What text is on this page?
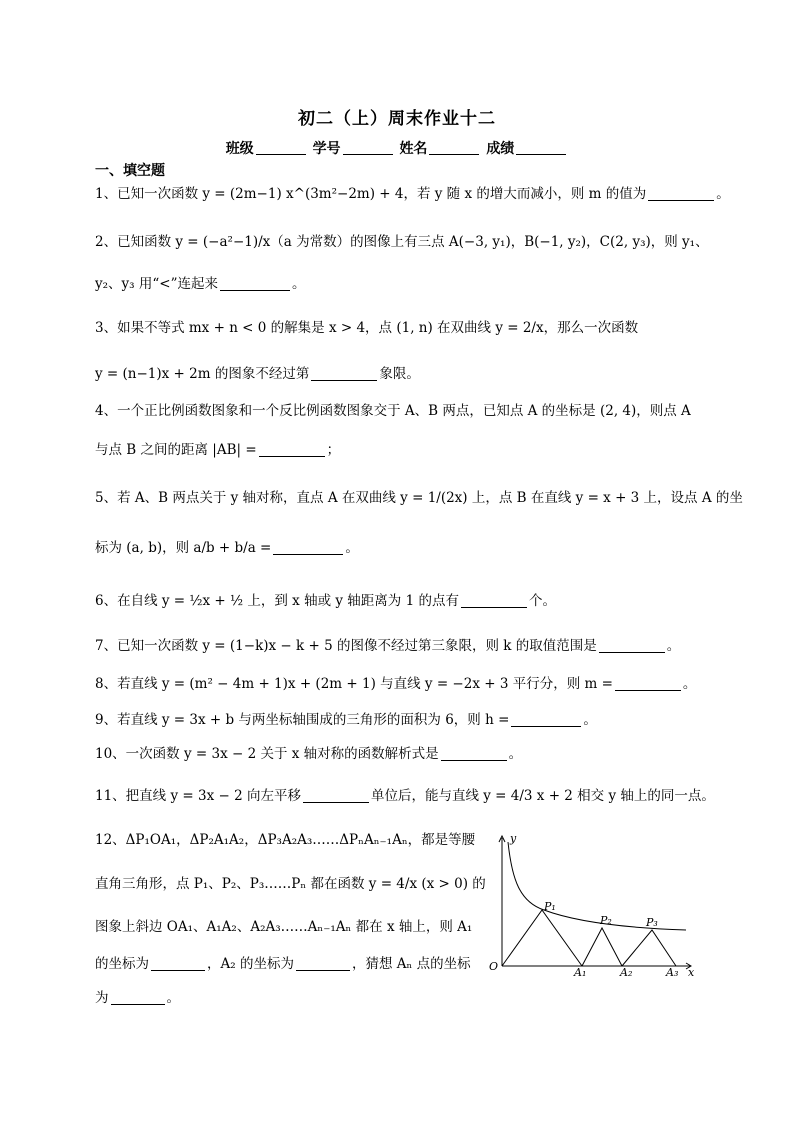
初二（上）周末作业十二
班级	学号	姓名	成绩
一、填空题
1、已知一次函数 y = (2m−1) x^(3m²−2m) + 4，若 y 随 x 的增大而减小，则 m 的值为	。
2、已知函数 y = (−a²−1)/x（a 为常数）的图像上有三点 A(−3, y₁)，B(−1, y₂)，C(2, y₃)，则 y₁、
y₂、y₃ 用“<”连起来	。
3、如果不等式 mx + n < 0 的解集是 x > 4，点 (1, n) 在双曲线 y = 2/x，那么一次函数
y = (n−1)x + 2m 的图象不经过第	象限。
4、一个正比例函数图象和一个反比例函数图象交于 A、B 两点，已知点 A 的坐标是 (2, 4)，则点 A
与点 B 之间的距离 |AB| =	；
5、若 A、B 两点关于 y 轴对称，直点 A 在双曲线 y = 1/(2x) 上，点 B 在直线 y = x + 3 上，设点 A 的坐
标为 (a, b)，则 a/b + b/a =	。
6、在自线 y = ½x + ½ 上，到 x 轴或 y 轴距离为 1 的点有	个。
7、已知一次函数 y = (1−k)x − k + 5 的图像不经过第三象限，则 k 的取值范围是	。
8、若直线 y = (m² − 4m + 1)x + (2m + 1) 与直线 y = −2x + 3 平行分，则 m =	。
9、若直线 y = 3x + b 与两坐标轴围成的三角形的面积为 6，则 h =	。
10、一次函数 y = 3x − 2 关于 x 轴对称的函数解析式是	。
11、把直线 y = 3x − 2 向左平移	单位后，能与直线 y = 4/3 x + 2 相交 y 轴上的同一点。
12、ΔP₁OA₁，ΔP₂A₁A₂，ΔP₃A₂A₃……ΔPₙAₙ₋₁Aₙ，都是等腰
直角三角形，点 P₁、P₂、P₃……Pₙ 都在函数 y = 4/x (x > 0) 的
图象上斜边 OA₁、A₁A₂、A₂A₃……Aₙ₋₁Aₙ 都在 x 轴上，则 A₁
的坐标为	，A₂ 的坐标为	，猜想 Aₙ 点的坐标
为	。
y
x
O
P₁
P₂	P₃
A₁	A₂	A₃
